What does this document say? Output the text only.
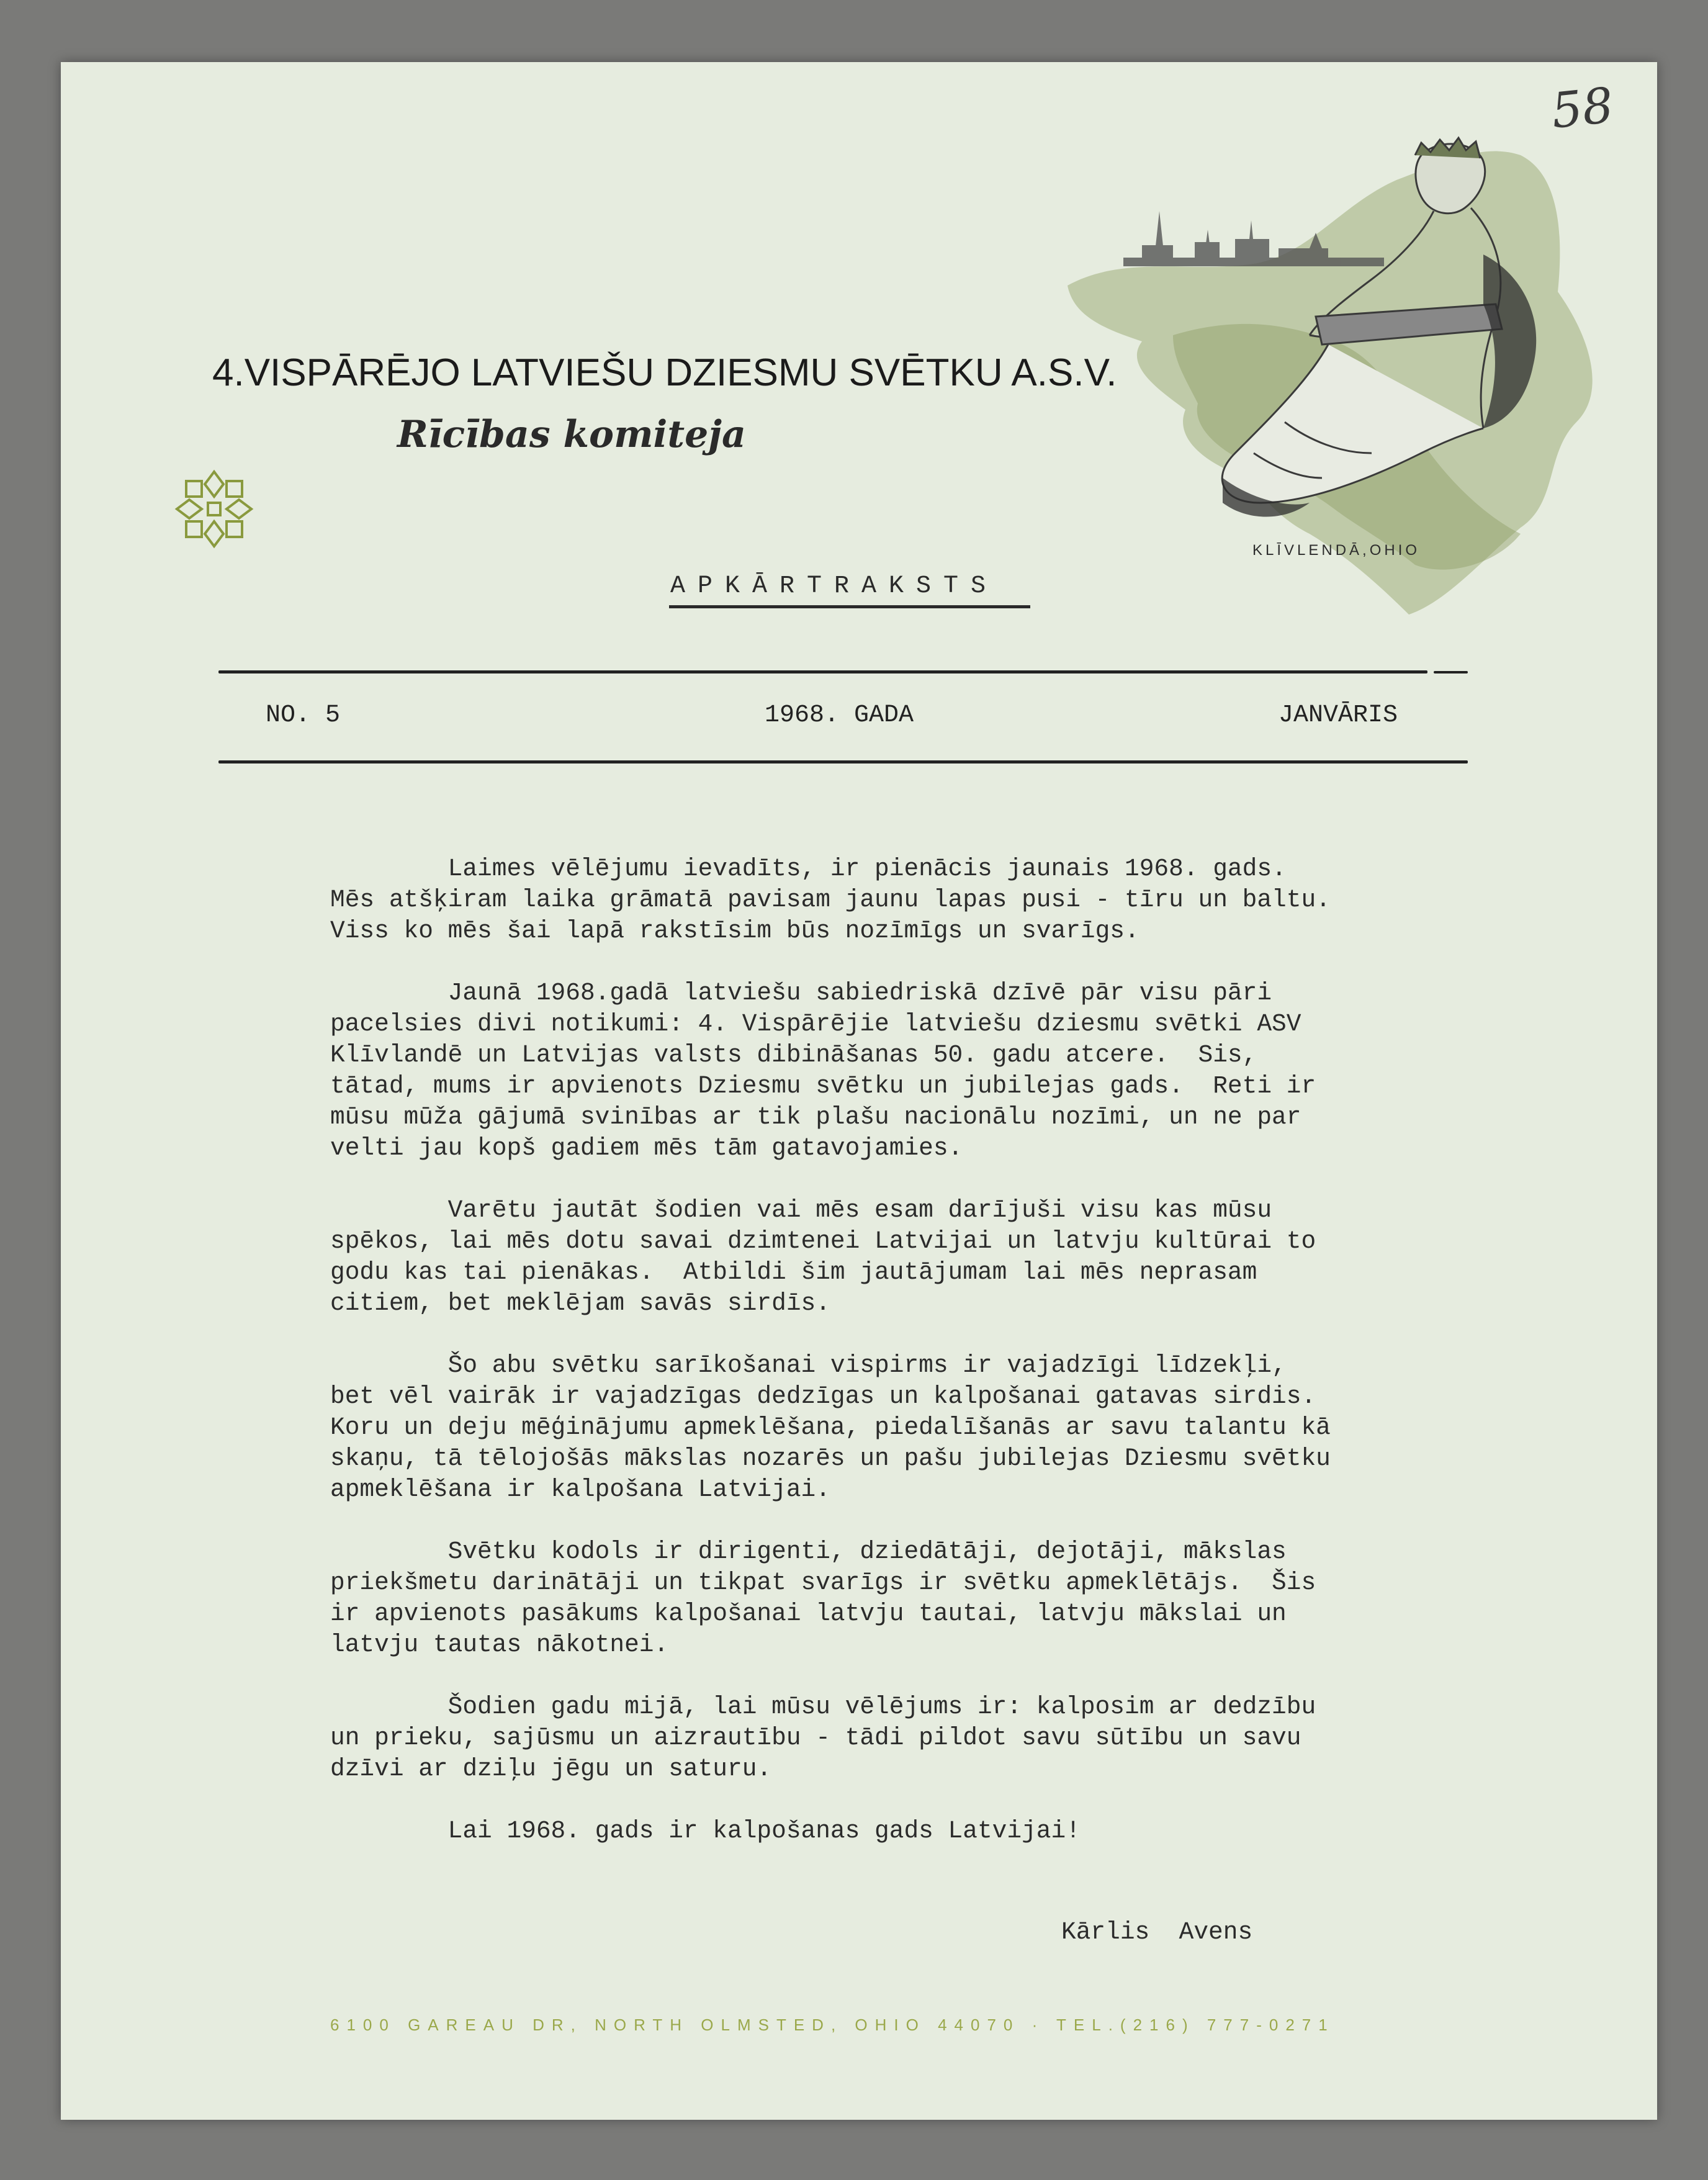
58
4.VISPĀRĒJO LATVIEŠU DZIESMU SVĒTKU A.S.V.
Rīcības komiteja
KLĪVLENDĀ,OHIO
APKĀRTRAKSTS
NO. 5	1968. GADA	JANVĀRIS
Laimes vēlējumu ievadīts, ir pienācis jaunais 1968. gads.
Mēs atšķiram laika grāmatā pavisam jaunu lapas pusi - tīru un baltu.
Viss ko mēs šai lapā rakstīsim būs nozīmīgs un svarīgs.
Jaunā 1968.gadā latviešu sabiedriskā dzīvē pār visu pāri
pacelsies divi notikumi: 4. Vispārējie latviešu dziesmu svētki ASV
Klīvlandē un Latvijas valsts dibināšanas 50. gadu atcere.  Sis,
tātad, mums ir apvienots Dziesmu svētku un jubilejas gads.  Reti ir
mūsu mūža gājumā svinības ar tik plašu nacionālu nozīmi, un ne par
velti jau kopš gadiem mēs tām gatavojamies.
Varētu jautāt šodien vai mēs esam darījuši visu kas mūsu
spēkos, lai mēs dotu savai dzimtenei Latvijai un latvju kultūrai to
godu kas tai pienākas.  Atbildi šim jautājumam lai mēs neprasam
citiem, bet meklējam savās sirdīs.
Šo abu svētku sarīkošanai vispirms ir vajadzīgi līdzekļi,
bet vēl vairāk ir vajadzīgas dedzīgas un kalpošanai gatavas sirdis.
Koru un deju mēģinājumu apmeklēšana, piedalīšanās ar savu talantu kā
skaņu, tā tēlojošās mākslas nozarēs un pašu jubilejas Dziesmu svētku
apmeklēšana ir kalpošana Latvijai.
Svētku kodols ir dirigenti, dziedātāji, dejotāji, mākslas
priekšmetu darinātāji un tikpat svarīgs ir svētku apmeklētājs.  Šis
ir apvienots pasākums kalpošanai latvju tautai, latvju mākslai un
latvju tautas nākotnei.
Šodien gadu mijā, lai mūsu vēlējums ir: kalposim ar dedzību
un prieku, sajūsmu un aizrautību - tādi pildot savu sūtību un savu
dzīvi ar dziļu jēgu un saturu.
Lai 1968. gads ir kalpošanas gads Latvijai!
Kārlis  Avens
6100 GAREAU DR, NORTH OLMSTED, OHIO 44070 · TEL.(216) 777-0271
